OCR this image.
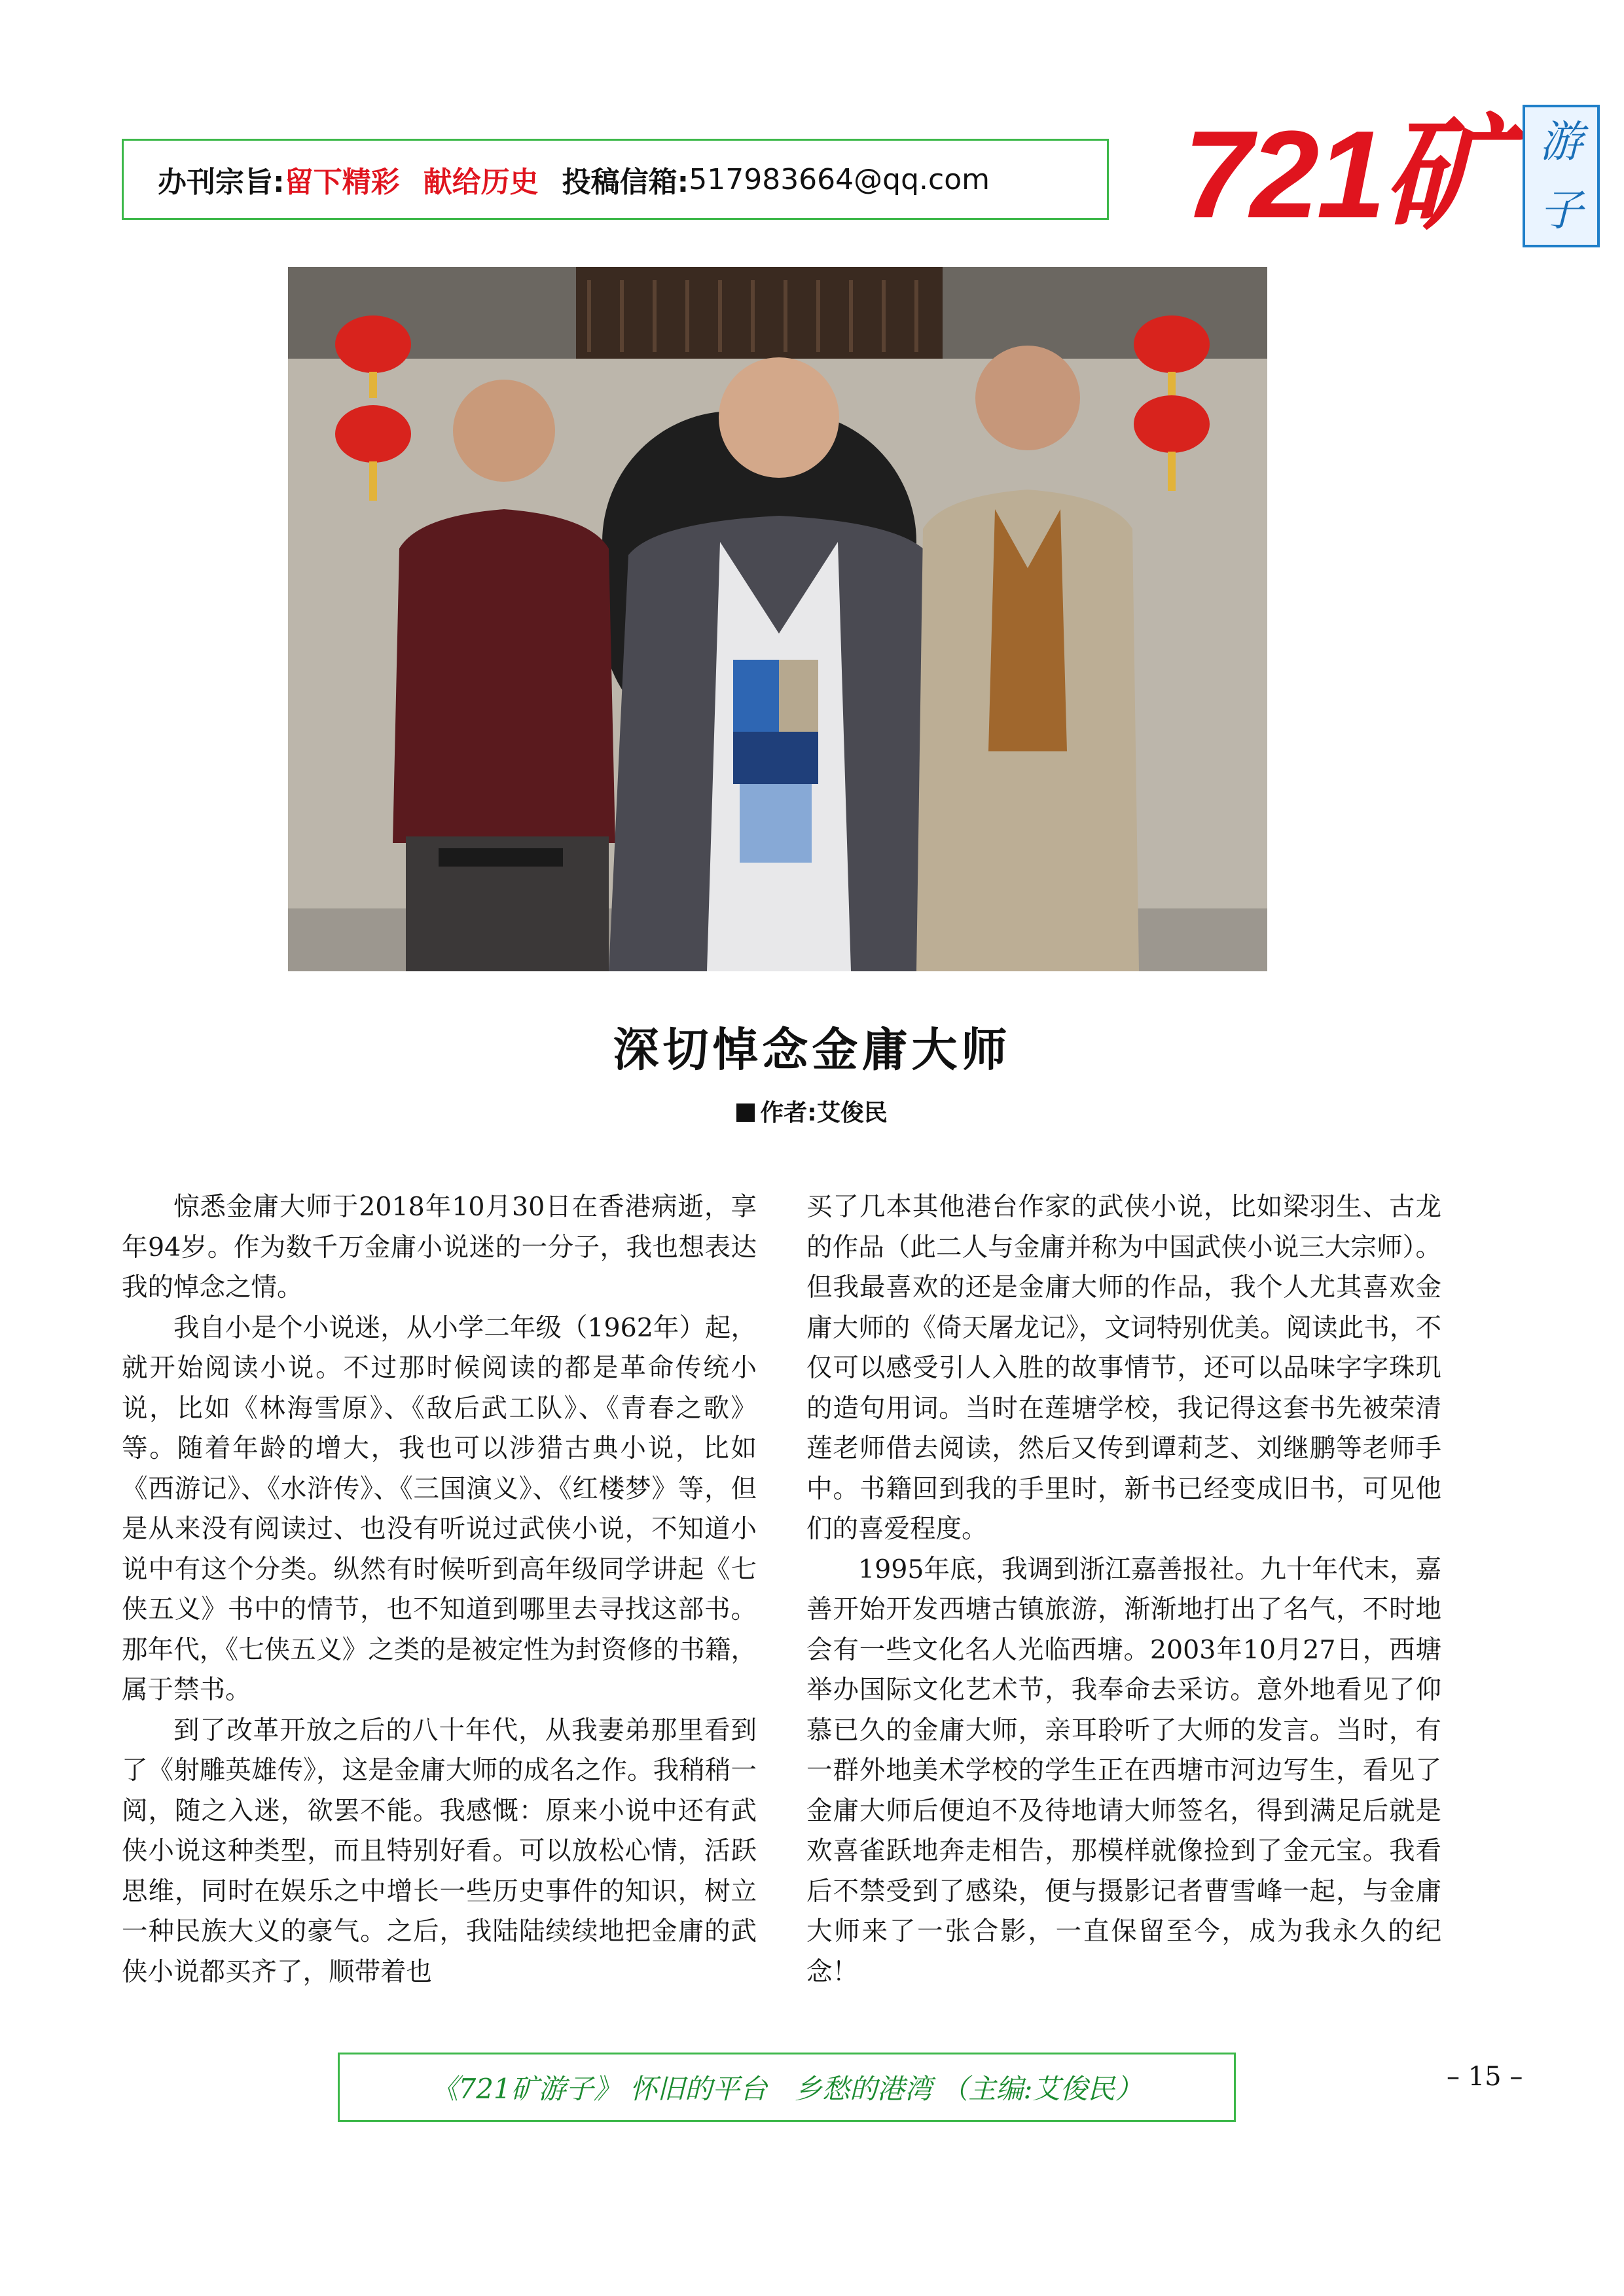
办刊宗旨: 留下精彩 献给历史 投稿信箱: 517983664@qq.com 721矿 游
子
深切悼念金庸大师
作者:艾俊民

惊悉金庸大师于2018年10月30日在香港病逝，享年94岁。作为数千万金庸小说迷的一分子，我也想表达我的悼念之情。

我自小是个小说迷，从小学二年级（1962年）起，就开始阅读小说。不过那时候阅读的都是革命传统小说，比如《林海雪原》、《敌后武工队》、《青春之歌》等。随着年龄的增大，我也可以涉猎古典小说，比如《西游记》、《水浒传》、《三国演义》、《红楼梦》等，但是从来没有阅读过、也没有听说过武侠小说，不知道小说中有这个分类。纵然有时候听到高年级同学讲起《七侠五义》书中的情节，也不知道到哪里去寻找这部书。那年代，《七侠五义》之类的是被定性为封资修的书籍，属于禁书。

到了改革开放之后的八十年代，从我妻弟那里看到了《射雕英雄传》，这是金庸大师的成名之作。我稍稍一阅，随之入迷，欲罢不能。我感慨：原来小说中还有武侠小说这种类型，而且特别好看。可以放松心情，活跃思维，同时在娱乐之中增长一些历史事件的知识，树立一种民族大义的豪气。之后，我陆陆续续地把金庸的武侠小说都买齐了，顺带着也

买了几本其他港台作家的武侠小说，比如梁羽生、古龙的作品（此二人与金庸并称为中国武侠小说三大宗师）。但我最喜欢的还是金庸大师的作品，我个人尤其喜欢金庸大师的《倚天屠龙记》，文词特别优美。阅读此书，不仅可以感受引人入胜的故事情节，还可以品味字字珠玑的造句用词。当时在莲塘学校，我记得这套书先被荣清莲老师借去阅读，然后又传到谭莉芝、刘继鹏等老师手中。书籍回到我的手里时，新书已经变成旧书，可见他们的喜爱程度。

1995年底，我调到浙江嘉善报社。九十年代末，嘉善开始开发西塘古镇旅游，渐渐地打出了名气，不时地会有一些文化名人光临西塘。2003年10月27日，西塘举办国际文化艺术节，我奉命去采访。意外地看见了仰慕已久的金庸大师，亲耳聆听了大师的发言。当时，有一群外地美术学校的学生正在西塘市河边写生，看见了金庸大师后便迫不及待地请大师签名，得到满足后就是欢喜雀跃地奔走相告，那模样就像捡到了金元宝。我看后不禁受到了感染，便与摄影记者曹雪峰一起，与金庸大师来了一张合影，一直保留至今，成为我永久的纪念！

《721矿游子》 怀旧的平台　乡愁的港湾 （主编:艾俊民）	– 15 –
